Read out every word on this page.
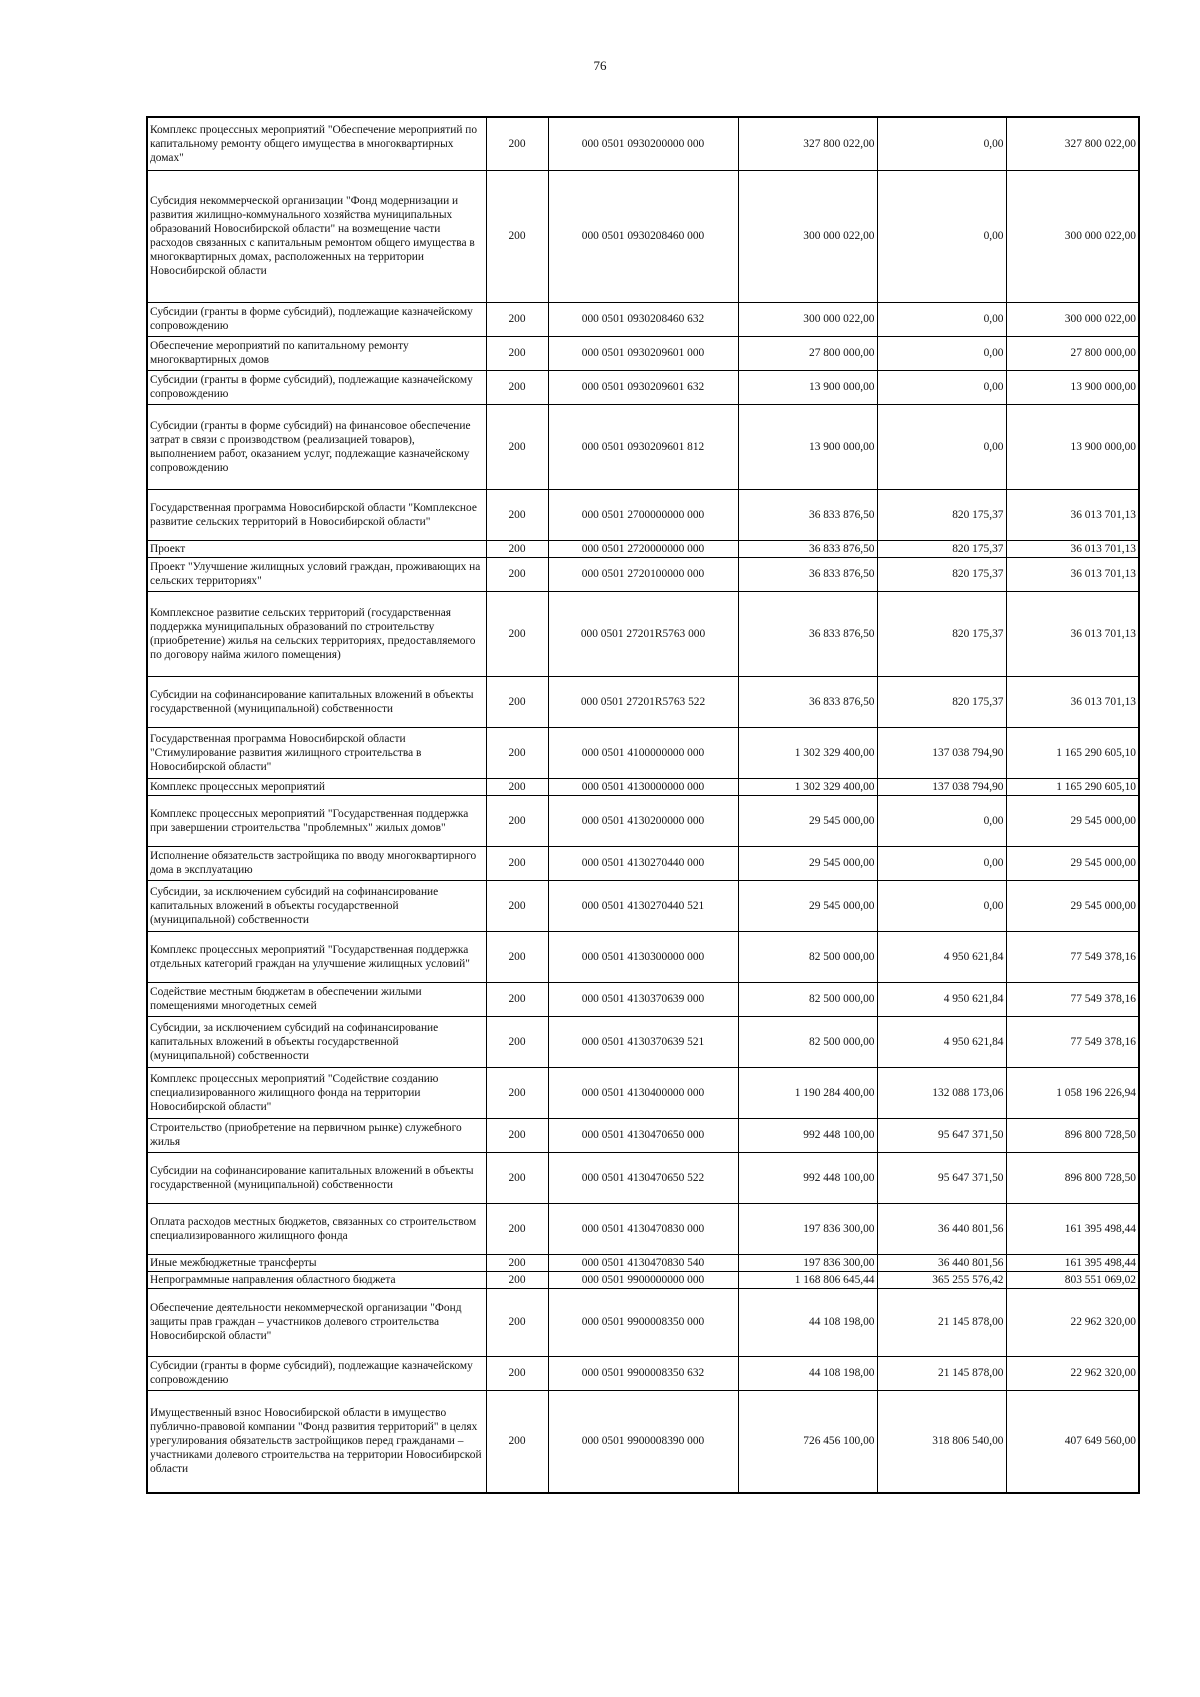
76
Комплекс процессных мероприятий "Обеспечение мероприятий по капитальному ремонту общего имущества в многоквартирных домах"	200	000 0501 0930200000 000	327 800 022,00	0,00	327 800 022,00
Субсидия некоммерческой организации "Фонд модернизации и развития жилищно-коммунального хозяйства муниципальных образований Новосибирской области" на возмещение части расходов связанных с капитальным ремонтом общего имущества в многоквартирных домах, расположенных на территории Новосибирской области	200	000 0501 0930208460 000	300 000 022,00	0,00	300 000 022,00
Субсидии (гранты в форме субсидий), подлежащие казначейскому сопровождению	200	000 0501 0930208460 632	300 000 022,00	0,00	300 000 022,00
Обеспечение мероприятий по капитальному ремонту многоквартирных домов	200	000 0501 0930209601 000	27 800 000,00	0,00	27 800 000,00
Субсидии (гранты в форме субсидий), подлежащие казначейскому сопровождению	200	000 0501 0930209601 632	13 900 000,00	0,00	13 900 000,00
Субсидии (гранты в форме субсидий) на финансовое обеспечение затрат в связи с производством (реализацией товаров), выполнением работ, оказанием услуг, подлежащие казначейскому сопровождению	200	000 0501 0930209601 812	13 900 000,00	0,00	13 900 000,00
Государственная программа Новосибирской области "Комплексное развитие сельских территорий в Новосибирской области"	200	000 0501 2700000000 000	36 833 876,50	820 175,37	36 013 701,13
Проект	200	000 0501 2720000000 000	36 833 876,50	820 175,37	36 013 701,13
Проект "Улучшение жилищных условий граждан, проживающих на сельских территориях"	200	000 0501 2720100000 000	36 833 876,50	820 175,37	36 013 701,13
Комплексное развитие сельских территорий (государственная поддержка муниципальных образований по строительству (приобретение) жилья на сельских территориях, предоставляемого по договору найма жилого помещения)	200	000 0501 27201R5763 000	36 833 876,50	820 175,37	36 013 701,13
Субсидии на софинансирование капитальных вложений в объекты государственной (муниципальной) собственности	200	000 0501 27201R5763 522	36 833 876,50	820 175,37	36 013 701,13
Государственная программа Новосибирской области "Стимулирование развития жилищного строительства в Новосибирской области"	200	000 0501 4100000000 000	1 302 329 400,00	137 038 794,90	1 165 290 605,10
Комплекс процессных мероприятий	200	000 0501 4130000000 000	1 302 329 400,00	137 038 794,90	1 165 290 605,10
Комплекс процессных мероприятий "Государственная поддержка при завершении строительства "проблемных" жилых домов"	200	000 0501 4130200000 000	29 545 000,00	0,00	29 545 000,00
Исполнение обязательств застройщика по вводу многоквартирного дома в эксплуатацию	200	000 0501 4130270440 000	29 545 000,00	0,00	29 545 000,00
Субсидии, за исключением субсидий на софинансирование капитальных вложений в объекты государственной (муниципальной) собственности	200	000 0501 4130270440 521	29 545 000,00	0,00	29 545 000,00
Комплекс процессных мероприятий "Государственная поддержка отдельных категорий граждан на улучшение жилищных условий"	200	000 0501 4130300000 000	82 500 000,00	4 950 621,84	77 549 378,16
Содействие местным бюджетам в обеспечении жилыми помещениями многодетных семей	200	000 0501 4130370639 000	82 500 000,00	4 950 621,84	77 549 378,16
Субсидии, за исключением субсидий на софинансирование капитальных вложений в объекты государственной (муниципальной) собственности	200	000 0501 4130370639 521	82 500 000,00	4 950 621,84	77 549 378,16
Комплекс процессных мероприятий "Содействие созданию специализированного жилищного фонда на территории Новосибирской области"	200	000 0501 4130400000 000	1 190 284 400,00	132 088 173,06	1 058 196 226,94
Строительство (приобретение на первичном рынке) служебного жилья	200	000 0501 4130470650 000	992 448 100,00	95 647 371,50	896 800 728,50
Субсидии на софинансирование капитальных вложений в объекты государственной (муниципальной) собственности	200	000 0501 4130470650 522	992 448 100,00	95 647 371,50	896 800 728,50
Оплата расходов местных бюджетов, связанных со строительством специализированного жилищного фонда	200	000 0501 4130470830 000	197 836 300,00	36 440 801,56	161 395 498,44
Иные межбюджетные трансферты	200	000 0501 4130470830 540	197 836 300,00	36 440 801,56	161 395 498,44
Непрограммные направления областного бюджета	200	000 0501 9900000000 000	1 168 806 645,44	365 255 576,42	803 551 069,02
Обеспечение деятельности некоммерческой организации "Фонд защиты прав граждан – участников долевого строительства Новосибирской области"	200	000 0501 9900008350 000	44 108 198,00	21 145 878,00	22 962 320,00
Субсидии (гранты в форме субсидий), подлежащие казначейскому сопровождению	200	000 0501 9900008350 632	44 108 198,00	21 145 878,00	22 962 320,00
Имущественный взнос Новосибирской области в имущество публично-правовой компании "Фонд развития территорий" в целях урегулирования обязательств застройщиков перед гражданами – участниками долевого строительства на территории Новосибирской области	200	000 0501 9900008390 000	726 456 100,00	318 806 540,00	407 649 560,00
